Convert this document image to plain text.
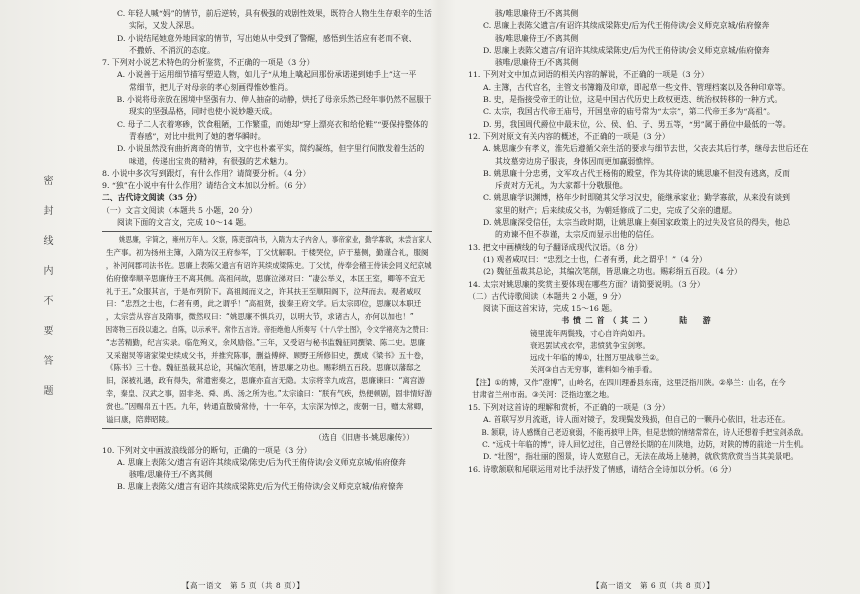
密封线内不要答题
C. 年轻人喊“妈”的情节，前后逆转，具有极强的戏剧性效果，既符合人物生生存艰辛的生活
实际，又发人深思。
D. 小说结尾她意外地回家的情节，写出她从中受到了警醒，感悟到生活应有老而不衰、
不撒娇、不消沉的态度。
7. 下列对小说艺术特色的分析鉴赏，不正确的一项是（3 分）
A. 小说善于运用细节描写塑造人物，如儿子“从地上噙起回那份承诺递到她手上”这一平
常细节，把儿子对母亲的孝心刻画得惟妙惟肖。
B. 小说将母亲放在困境中坚强有力、伸人抽奋的动静，烘托了母亲乐然已经年事仍然不屈服于
现实的坚强品格，同时也使小说妙趣天成。
C. 母子二人衣着寒碜，饮食粗陋，工作繁重，而她却“穿上漂亮衣和给伦鞋”“要保持整体的
青春感”，对比中批判了她的奢华瞬时。
D. 小说虽然没有曲折离奇的情节，文字也朴素平实，简约凝练，但字里行间散发着生活的
味道，传递出宝贵的精神，有很强的艺术魅力。
8. 小说中多次写到跟灯，有什么作用？请简要分析。（4 分）
9. “独”在小说中有什么作用？请结合文本加以分析。（6 分）
二、古代诗文阅读（35 分）
（一）文言文阅读（本题共 5 小题，20 分）
阅读下面的文言文，完成 10～14 题。
　　姚思廉，字简之，雍州万年人。父察，陈吏部尚书，入隋为太子内舍人，事帝家业，勤学寡欲，未尝言家人
生产事。初为扬州主簿，入隋为汉王府参军，丁父忧解职。于楼哭位，庐于墓侧，勤谨合礼，服阕
，补河间郡司法书佐。思廉上表陈父遗言有诏许其续成梁陈史。丁父忧，侍奉会稽王侍读会同义纪京城
佑府僚奉顺辛思廉侍王不离其侧。高祖问故，思廉泣涕对曰：“凄公举义，本匡王室，卿等不宜无
礼于王。”众服其言，于是布列阶下。高祖闻而义之，许其扶王至顺阳阁下，泣拜而去。观者咸叹
曰：“忠烈之士也，仁者有勇，此之谓乎！”高祖贤，拔秦王府文学。后太宗即位，思廉以本职迁
，太宗尝从容言及隋事，微然叹曰：“姚思廉不惧兵刃，以明大节，求诸古人，亦何以加也！”
因寄物三百段以遗之。自陈，以示承平。常作五言诗。帝拒绝他人所奏写《十八学士图》，令文学褚亮为之赞曰：
“志苦精勤，纪言实录。临危殉义，余风励俗。”三年，又受诏与秘书监魏征同撰梁、陈二史。思廉
又采谢炅等诸家梁史续成父书，并推究陈事，删益傅縡、顾野王所修旧史，撰成《梁书》五十卷，
《陈书》三十卷。魏征虽裁其总论，其编次笔削，皆思廉之功也。赐彩绢五百段。思廉以藩邸之
旧，深被礼遇，政有得失，常遣密奏之，思廉亦直言无隐。太宗将幸九成宫，思廉谏曰：“离宫游
幸，秦皇、汉武之事，固非尧、舜、禹、汤之所为也。”太宗谕曰：“朕有气疾，热便顿剧，固非情好游
赏也。”因赐帛五十匹。九年，转通直散骑常侍，十一年卒，太宗深为悼之，废朝一日，赠太常卿，
谥曰康，陪葬昭陵。
（选自《旧唐书·姚思廉传》）
10. 下列对文中画波浪线部分的断句，正确的一项是（3 分）
A. 思廉上表陈父/遗言有诏许其续成梁/陈史/后为代王侑侍读/会义师克京城/佑府僚奔
骇唯/思廉侍王/不离其侧
B. 思廉上表陈父/遗言有诏许其续成梁陈史/后为代王侑侍读/会义师克京城/佑府僚奔
骇/唯思廉侍王/不离其侧
C. 思廉上表陈父遗言/有诏许其续成梁陈史/后为代王侑侍读/会义师克京城/佑府僚奔
骇/唯思廉侍王/不离其侧
D. 思廉上表陈父遗言/有诏许其续成梁陈史/后为代王侑侍读/会义师克京城/佑府僚奔
骇唯/思廉侍王/不离其侧
11. 下列对文中加点词语的相关内容的解说，不正确的一项是（3 分）
A. 主簿，古代官名，主管文书簿籍及印章，即起草一些文件、管理档案以及各种印章等。
B. 史，是指接受帝王的让位，这是中国古代历史上政权更迭、统治权转移的一种方式。
C. 太宗，我国古代帝王庙号，开国皇帝的庙号常为“太宗”，第二代帝王多为“高祖”。
D. 男，我国周代爵位中最末位，公、侯、伯、子、男五等，“男”属于爵位中最低的一等。
12. 下列对原文有关内容的概述，不正确的一项是（3 分）
A. 姚思廉少有孝义，淮先后遵循父亲生活的要求与细节去世，父丧去其后行孝，继母去世后还在
其坟墓旁边房子服丧，身体因而更加赢弱憔悴。
B. 姚思廉十分忠勇，文军攻占代王杨侑的殿堂，作为其侍读的姚思廉不但没有逃离，反而
斥责对方无礼，为大家都十分敬服他。
C. 姚思廉学识渊博，格年少时即随其父学习汉史，能继承家业；勤学寡欲，从来没有谈到
家里的财产；后来续成父书，为朝廷修成了二史，完成了父亲的遗愿。
D. 姚思廉深受信任，太宗当政时期，让姚思廉上奏国家政策上的过失及官员的得失，他总
的劝谏不但不恭谨，太宗反而显示出他的信任。
13. 把文中画横线的句子翻译成现代汉语。（8 分）
(1) 观者咸叹曰：“忠烈之士也，仁者有勇，此之谓乎！”（4 分）
(2) 魏征虽裁其总论，其编次笔削，皆思廉之功也。赐彩绢五百段。（4 分）
14. 太宗对姚思廉的奖赏主要体现在哪些方面？请简要说明。（3 分）
（二）古代诗歌阅读（本题共 2 小题，9 分）
阅读下面这首宋诗，完成 15～16 题。
书愤二首（其二）	陆　游
镜里流年两鬓残，寸心自许尚如丹。
衰迟罢试戎衣窄，悲愤犹争宝剑寒。
远戍十年临的博①，壮图万里战皋兰②。
关河③自古无穷事，谁料如今袖手看。
【注】①的博，又作“澄博”，山岭名，在四川理番县东南，这里泛指川陕。②皋兰：山名，在今
甘肃省兰州市南。③关河：泛指边塞之地。
15. 下列对这首诗的理解和赏析，不正确的一项是（3 分）
A. 首联写岁月流逝，诗人面对镜子，发现鬓发残损，但自己的一颗丹心依旧，壮志还在。
B. 颔联，诗人感慨自己老迈衰弱，不能再披甲上阵，但是悲愤的情绪常常在，诗人还想着手把宝剑杀敌。
C. “远戍十年临的博”，诗人回忆过往，自己曾经长期的在川陕地，边防，对陕的博的前途一片生机。
D. “壮图”，指壮丽的图景，诗人宽慰自己，无法在战场上驰骋，就欣赏欣赏当当其美景吧。
16. 诗歌颔联和尾联运用对比手法抒发了情感，请结合全诗加以分析。（6 分）
【高一语文　第 5 页（共 8 页）】	【高一语文　第 6 页（共 8 页）】
